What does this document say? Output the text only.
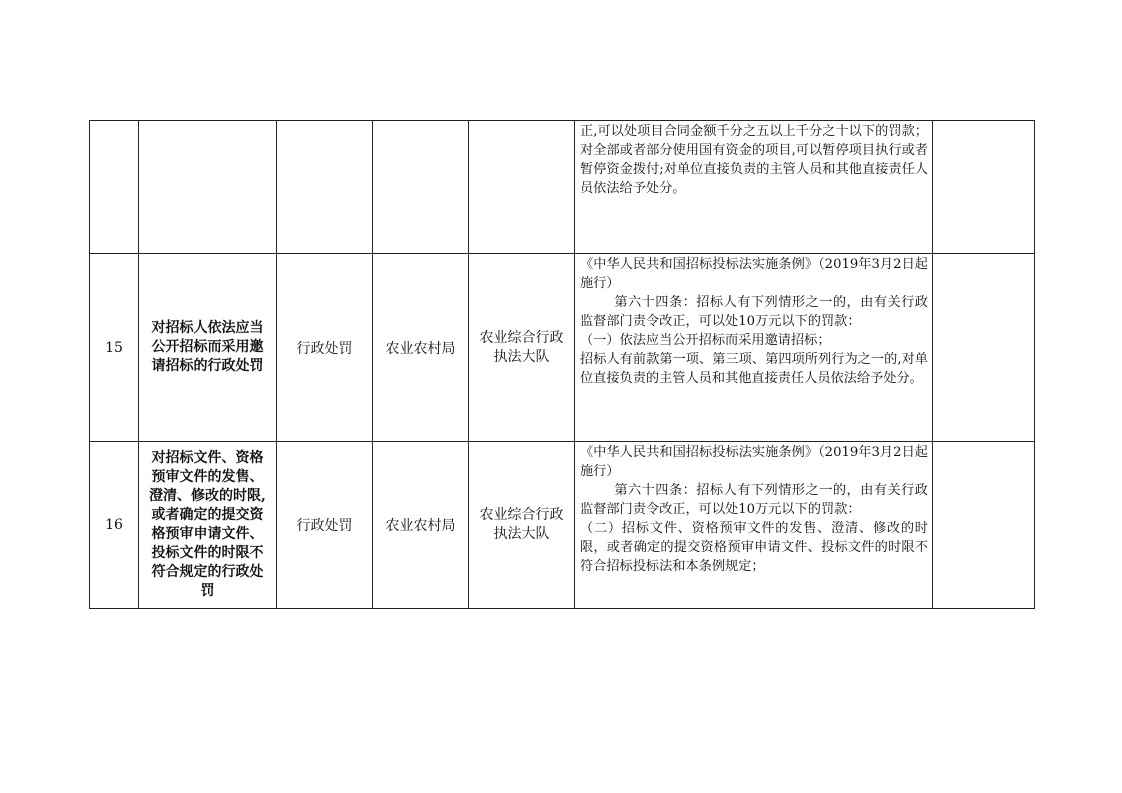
					正,可以处项目合同金额千分之五以上千分之十以下的罚款；对全部或者部分使用国有资金的项目,可以暂停项目执行或者暂停资金拨付;对单位直接负责的主管人员和其他直接责任人员依法给予处分。	

15	对招标人依法应当公开招标而采用邀请招标的行政处罚	行政处罚	农业农村局	农业综合行政执法大队	《中华人民共和国招标投标法实施条例》（2019年3月2日起施行）

第六十四条：招标人有下列情形之一的，由有关行政监督部门责令改正，可以处10万元以下的罚款：

（一）依法应当公开招标而采用邀请招标；

招标人有前款第一项、第三项、第四项所列行为之一的,对单位直接负责的主管人员和其他直接责任人员依法给予处分。	

16	对招标文件、资格预审文件的发售、澄清、修改的时限,或者确定的提交资格预审申请文件、投标文件的时限不符合规定的行政处罚	行政处罚	农业农村局	农业综合行政执法大队	《中华人民共和国招标投标法实施条例》（2019年3月2日起施行）

第六十四条：招标人有下列情形之一的，由有关行政监督部门责令改正，可以处10万元以下的罚款：

（二）招标文件、资格预审文件的发售、澄清、修改的时限，或者确定的提交资格预审申请文件、投标文件的时限不符合招标投标法和本条例规定；	
